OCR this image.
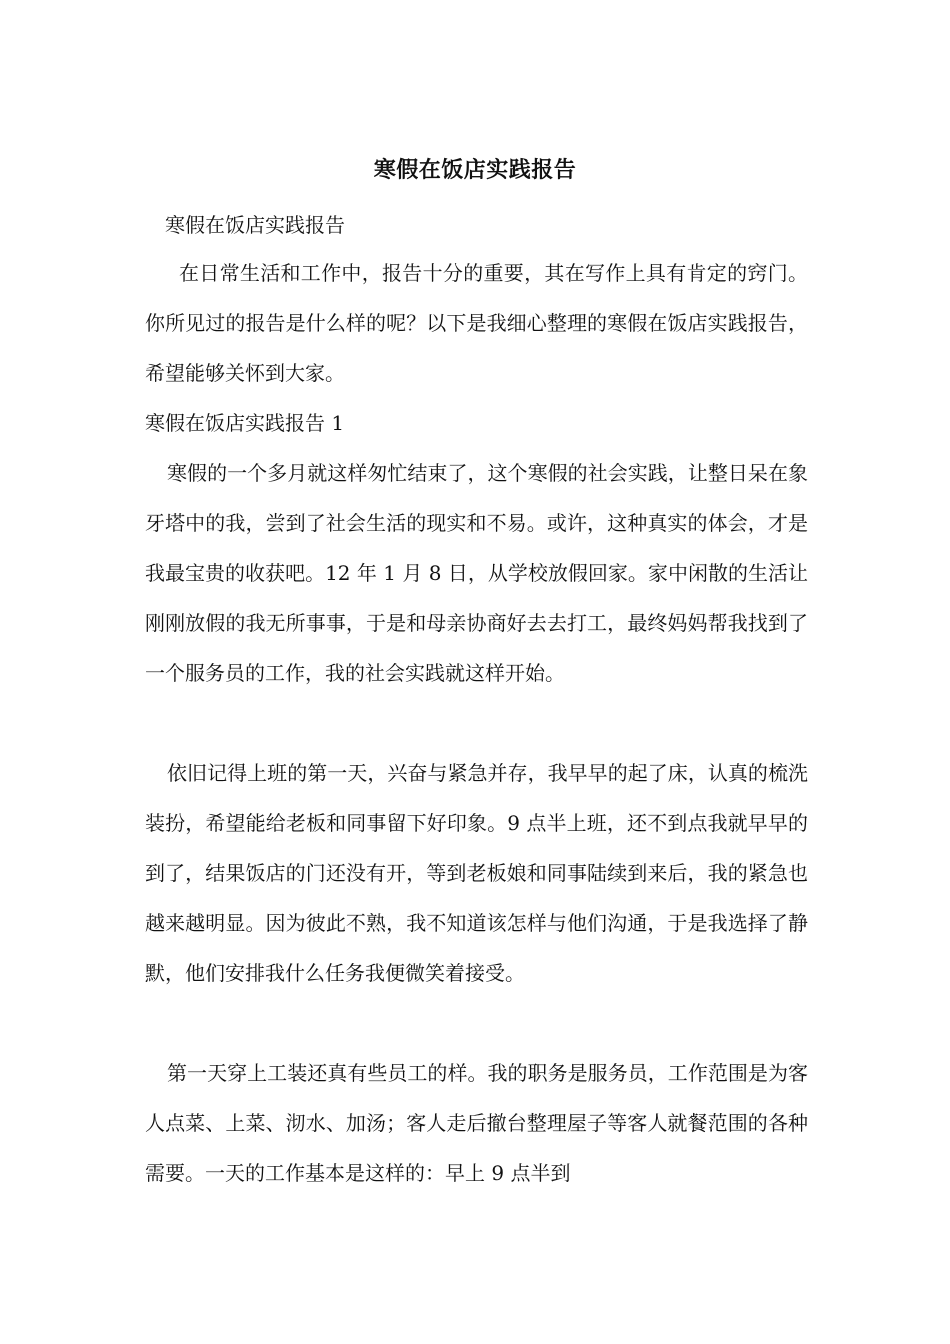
寒假在饭店实践报告
寒假在饭店实践报告

在日常生活和工作中，报告十分的重要，其在写作上具有肯定的窍门。你所见过的报告是什么样的呢？以下是我细心整理的寒假在饭店实践报告，希望能够关怀到大家。

寒假在饭店实践报告 1

寒假的一个多月就这样匆忙结束了，这个寒假的社会实践，让整日呆在象牙塔中的我，尝到了社会生活的现实和不易。或许，这种真实的体会，才是我最宝贵的收获吧。12 年 1 月 8 日，从学校放假回家。家中闲散的生活让刚刚放假的我无所事事，于是和母亲协商好去去打工，最终妈妈帮我找到了一个服务员的工作，我的社会实践就这样开始。

依旧记得上班的第一天，兴奋与紧急并存，我早早的起了床，认真的梳洗装扮，希望能给老板和同事留下好印象。9 点半上班，还不到点我就早早的到了，结果饭店的门还没有开，等到老板娘和同事陆续到来后，我的紧急也越来越明显。因为彼此不熟，我不知道该怎样与他们沟通，于是我选择了静默，他们安排我什么任务我便微笑着接受。

第一天穿上工装还真有些员工的样。我的职务是服务员，工作范围是为客人点菜、上菜、沏水、加汤；客人走后撤台整理屋子等客人就餐范围的各种需要。一天的工作基本是这样的：早上 9 点半到
